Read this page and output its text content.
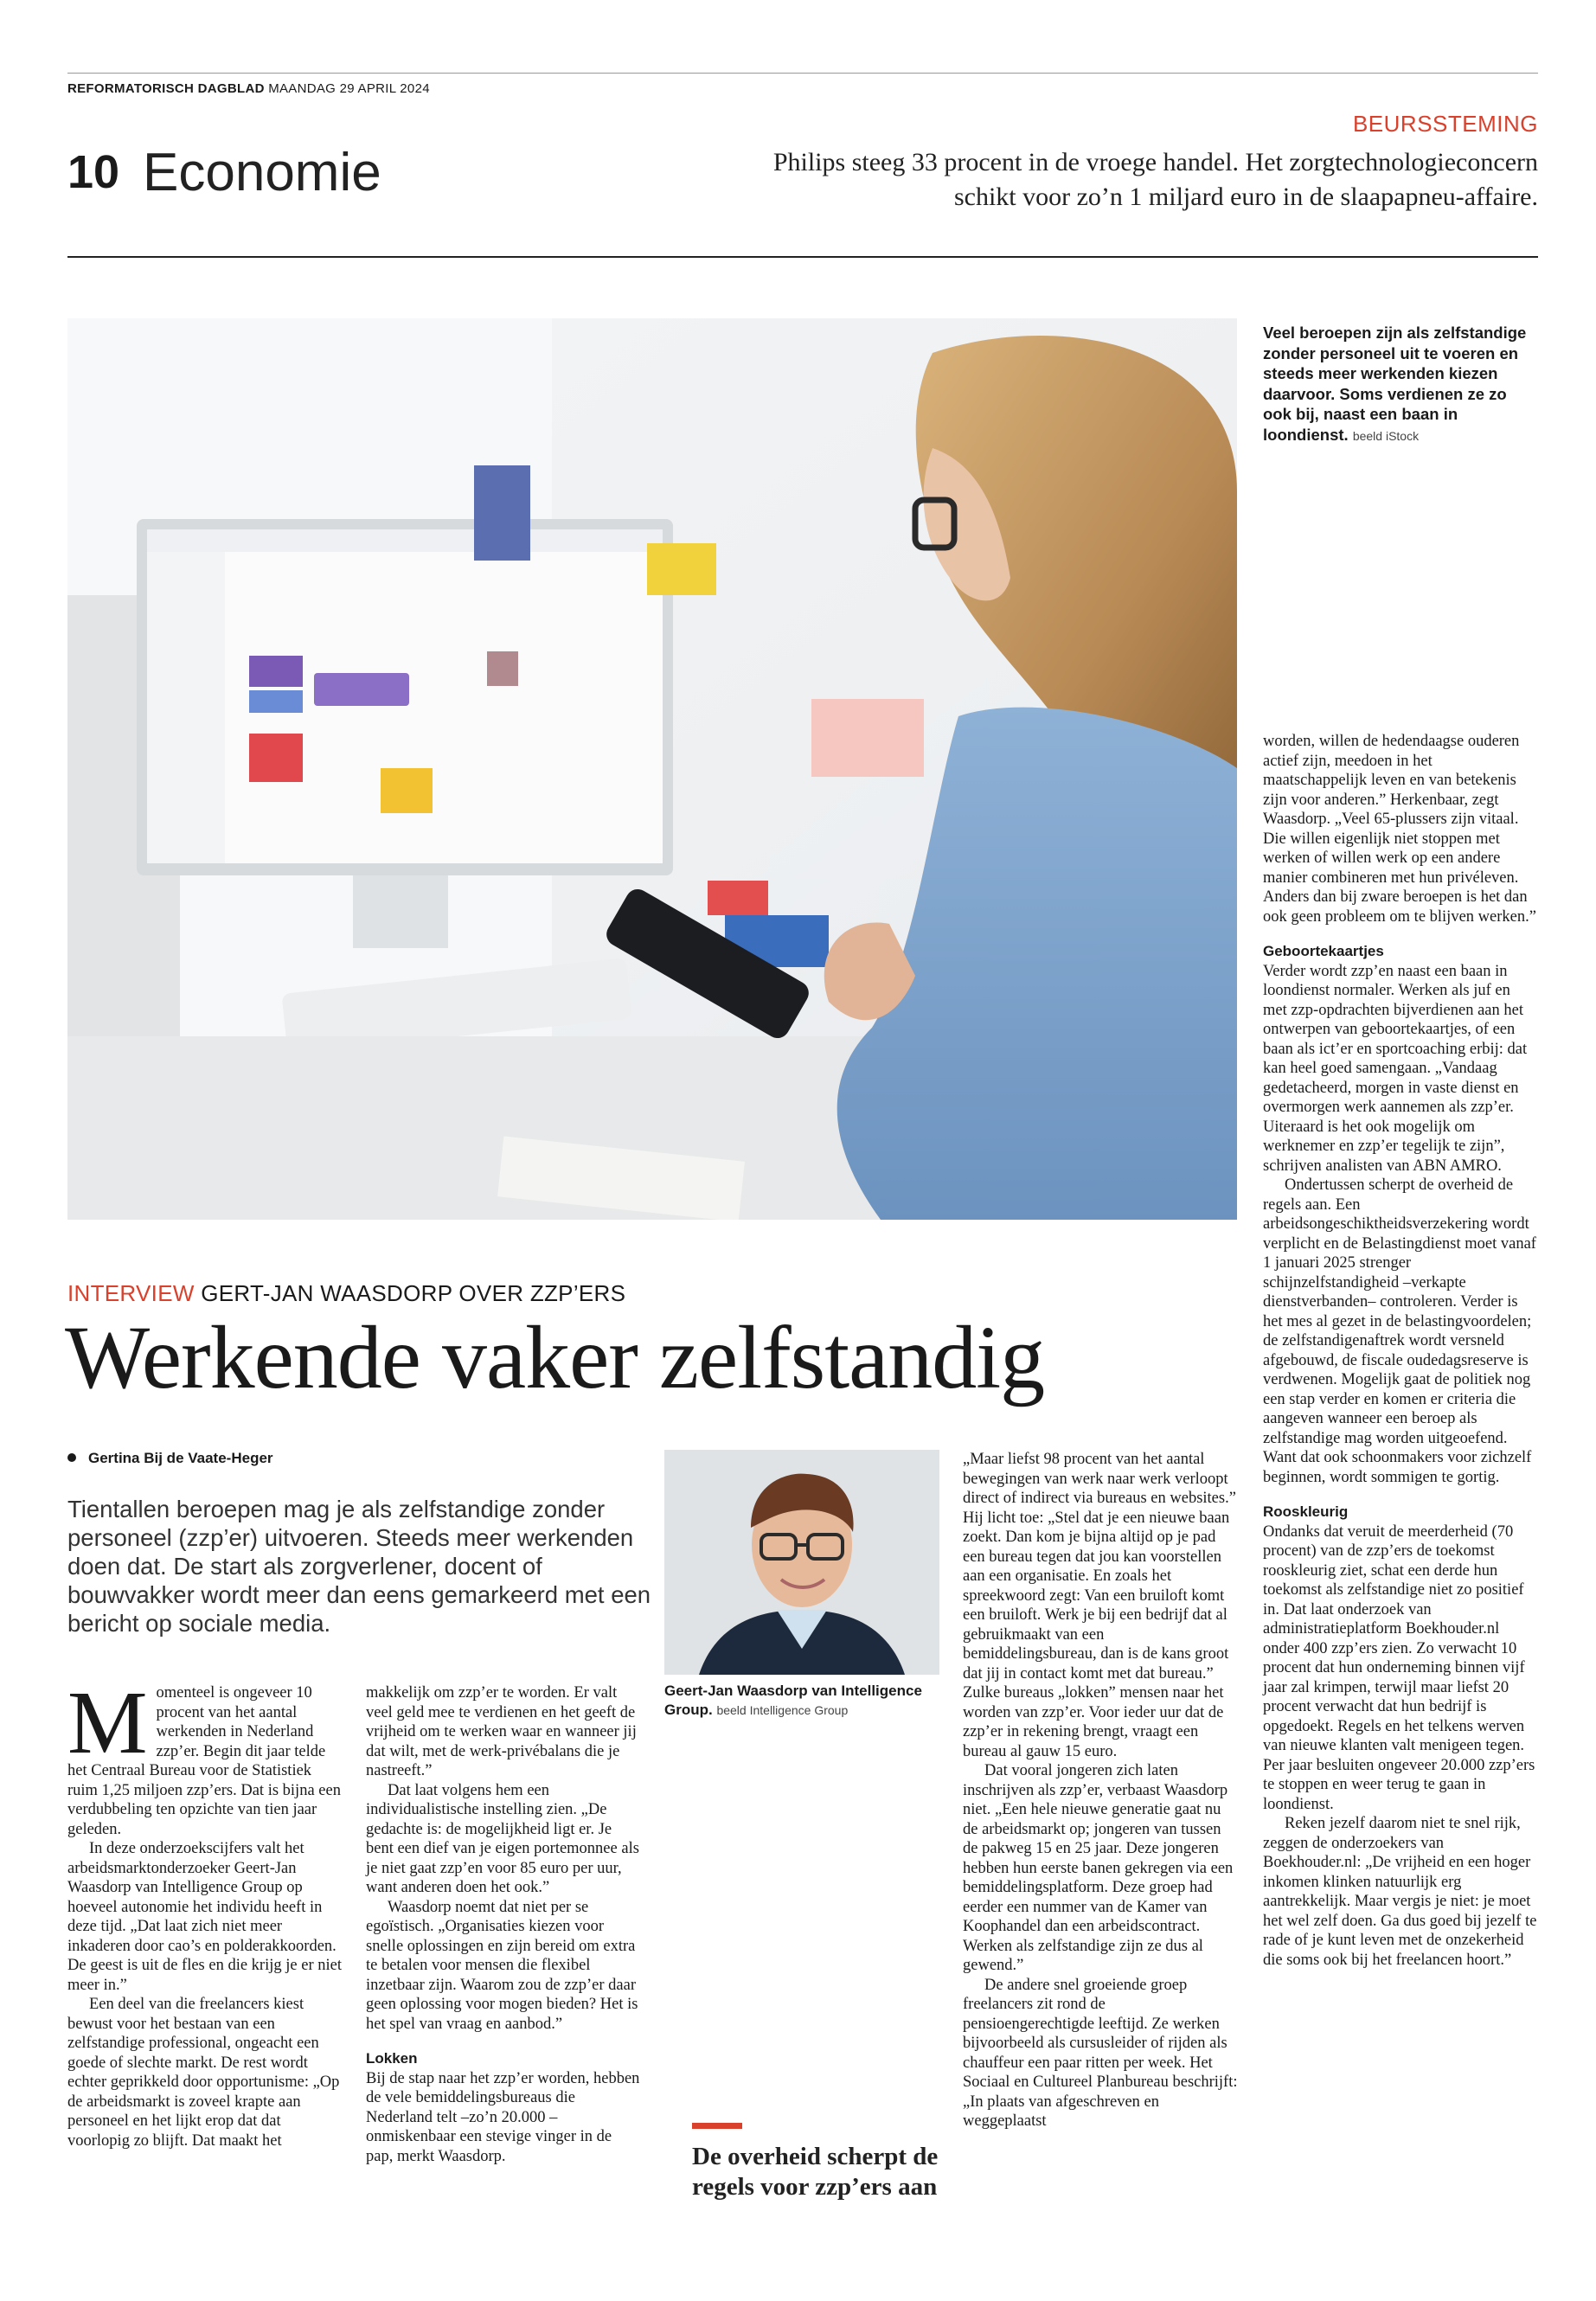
REFORMATORISCH DAGBLAD MAANDAG 29 APRIL 2024
10 Economie
BEURSSTEMING
Philips steeg 33 procent in de vroege handel. Het zorgtechnologieconcern
schikt voor zo’n 1 miljard euro in de slaapapneu-affaire.
Veel beroepen zijn als zelfstandige zonder personeel uit te voeren en steeds meer werkenden kiezen daarvoor. Soms verdienen ze zo ook bij, naast een baan in loondienst. beeld iStock
INTERVIEW GERT-JAN WAASDORP OVER ZZP’ERS
Werkende vaker zelfstandig
Gertina Bij de Vaate-Heger
Tientallen beroepen mag je als zelfstandige zonder personeel (zzp’er) uitvoeren. Steeds meer werkenden doen dat. De start als zorgverlener, docent of bouwvakker wordt meer dan eens gemarkeerd met een bericht op sociale media.

Momenteel is ongeveer 10 procent van het aantal werkenden in Nederland zzp’er. Begin dit jaar telde het Centraal Bureau voor de Statistiek ruim 1,25 miljoen zzp’ers. Dat is bijna een verdubbeling ten opzichte van tien jaar geleden.

In deze onderzoekscijfers valt het arbeidsmarktonderzoeker Geert-Jan Waasdorp van Intelligence Group op hoeveel autonomie het individu heeft in deze tijd. „Dat laat zich niet meer inkaderen door cao’s en polderakkoorden. De geest is uit de fles en die krijg je er niet meer in.”

Een deel van die freelancers kiest bewust voor het bestaan van een zelfstandige professional, ongeacht een goede of slechte markt. De rest wordt echter geprikkeld door opportunisme: „Op de arbeidsmarkt is zoveel krapte aan personeel en het lijkt erop dat dat voorlopig zo blijft. Dat maakt het

makkelijk om zzp’er te worden. Er valt veel geld mee te verdienen en het geeft de vrijheid om te werken waar en wanneer jij dat wilt, met de werk-privébalans die je nastreeft.”

Dat laat volgens hem een individualistische instelling zien. „De gedachte is: de mogelijkheid ligt er. Je bent een dief van je eigen portemonnee als je niet gaat zzp’en voor 85 euro per uur, want anderen doen het ook.”

Waasdorp noemt dat niet per se egoïstisch. „Organisaties kiezen voor snelle oplossingen en zijn bereid om extra te betalen voor mensen die flexibel inzetbaar zijn. Waarom zou de zzp’er daar geen oplossing voor mogen bieden? Het is het spel van vraag en aanbod.”

Lokken

Bij de stap naar het zzp’er worden, hebben de vele bemiddelingsbureaus die Nederland telt –zo’n 20.000 – onmiskenbaar een stevige vinger in de pap, merkt Waasdorp.

Geert-Jan Waasdorp van Intelligence Group. beeld Intelligence Group
De overheid scherpt de regels voor zzp’ers aan

„Maar liefst 98 procent van het aantal bewegingen van werk naar werk verloopt direct of indirect via bureaus en websites.” Hij licht toe: „Stel dat je een nieuwe baan zoekt. Dan kom je bijna altijd op je pad een bureau tegen dat jou kan voorstellen aan een organisatie. En zoals het spreekwoord zegt: Van een bruiloft komt een bruiloft. Werk je bij een bedrijf dat al gebruikmaakt van een bemiddelingsbureau, dan is de kans groot dat jij in contact komt met dat bureau.” Zulke bureaus „lokken” mensen naar het worden van zzp’er. Voor ieder uur dat de zzp’er in rekening brengt, vraagt een bureau al gauw 15 euro.

Dat vooral jongeren zich laten inschrijven als zzp’er, verbaast Waasdorp niet. „Een hele nieuwe generatie gaat nu de arbeidsmarkt op; jongeren van tussen de pakweg 15 en 25 jaar. Deze jongeren hebben hun eerste banen gekregen via een bemiddelingsplatform. Deze groep had eerder een nummer van de Kamer van Koophandel dan een arbeidscontract. Werken als zelfstandige zijn ze dus al gewend.”

De andere snel groeiende groep freelancers zit rond de pensioengerechtigde leeftijd. Ze werken bijvoorbeeld als cursusleider of rijden als chauffeur een paar ritten per week. Het Sociaal en Cultureel Planbureau beschrijft: „In plaats van afgeschreven en weggeplaatst

worden, willen de hedendaagse ouderen actief zijn, meedoen in het maatschappelijk leven en van betekenis zijn voor anderen.” Herkenbaar, zegt Waasdorp. „Veel 65-plussers zijn vitaal. Die willen eigenlijk niet stoppen met werken of willen werk op een andere manier combineren met hun privéleven. Anders dan bij zware beroepen is het dan ook geen probleem om te blijven werken.”

Geboortekaartjes

Verder wordt zzp’en naast een baan in loondienst normaler. Werken als juf en met zzp-opdrachten bijverdienen aan het ontwerpen van geboortekaartjes, of een baan als ict’er en sportcoaching erbij: dat kan heel goed samengaan. „Vandaag gedetacheerd, morgen in vaste dienst en overmorgen werk aannemen als zzp’er. Uiteraard is het ook mogelijk om werknemer en zzp’er tegelijk te zijn”, schrijven analisten van ABN AMRO.

Ondertussen scherpt de overheid de regels aan. Een arbeidsongeschiktheidsverzekering wordt verplicht en de Belastingdienst moet vanaf 1 januari 2025 strenger schijnzelfstandigheid –verkapte dienstverbanden– controleren. Verder is het mes al gezet in de belastingvoordelen; de zelfstandigenaftrek wordt versneld afgebouwd, de fiscale oudedagsreserve is verdwenen. Mogelijk gaat de politiek nog een stap verder en komen er criteria die aangeven wanneer een beroep als zelfstandige mag worden uitgeoefend. Want dat ook schoonmakers voor zichzelf beginnen, wordt sommigen te gortig.

Rooskleurig

Ondanks dat veruit de meerderheid (70 procent) van de zzp’ers de toekomst rooskleurig ziet, schat een derde hun toekomst als zelfstandige niet zo positief in. Dat laat onderzoek van administratieplatform Boekhouder.nl onder 400 zzp’ers zien. Zo verwacht 10 procent dat hun onderneming binnen vijf jaar zal krimpen, terwijl maar liefst 20 procent verwacht dat hun bedrijf is opgedoekt. Regels en het telkens werven van nieuwe klanten valt menigeen tegen. Per jaar besluiten ongeveer 20.000 zzp’ers te stoppen en weer terug te gaan in loondienst.

Reken jezelf daarom niet te snel rijk, zeggen de onderzoekers van Boekhouder.nl: „De vrijheid en een hoger inkomen klinken natuurlijk erg aantrekkelijk. Maar vergis je niet: je moet het wel zelf doen. Ga dus goed bij jezelf te rade of je kunt leven met de onzekerheid die soms ook bij het freelancen hoort.”
